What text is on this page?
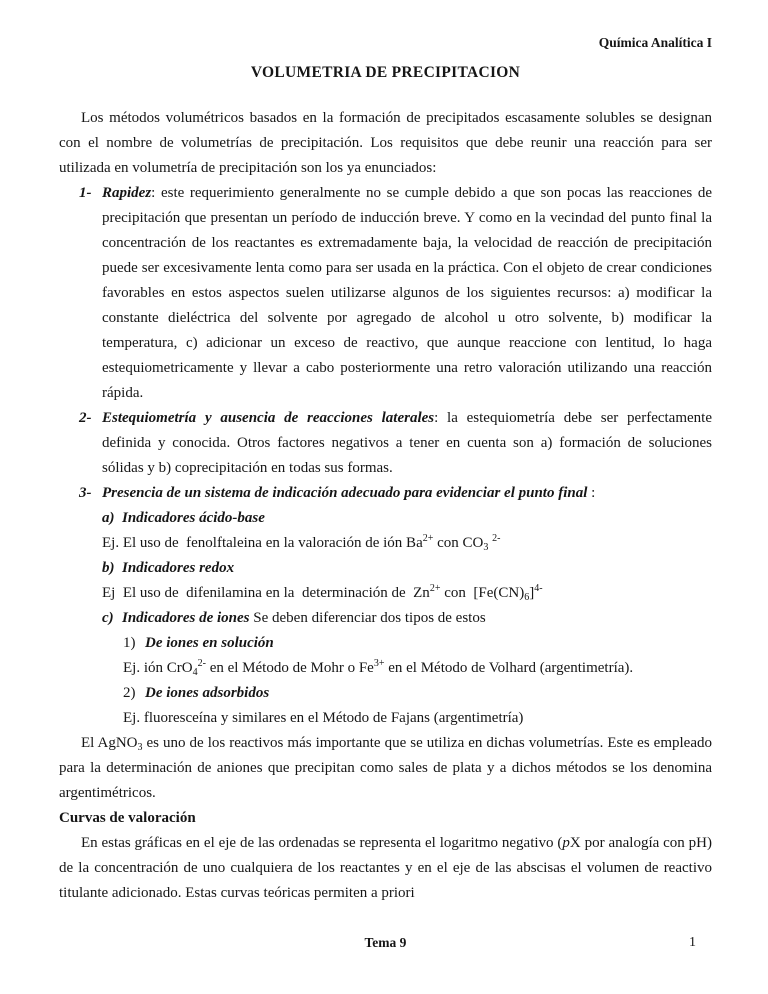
Química Analítica I
VOLUMETRIA DE PRECIPITACION
Los métodos volumétricos basados en la formación de precipitados escasamente solubles se designan con el nombre de volumetrías de precipitación. Los requisitos que debe reunir una reacción para ser utilizada en volumetría de precipitación son los ya enunciados:
1- Rapidez: este requerimiento generalmente no se cumple debido a que son pocas las reacciones de precipitación que presentan un período de inducción breve. Y como en la vecindad del punto final la concentración de los reactantes es extremadamente baja, la velocidad de reacción de precipitación puede ser excesivamente lenta como para ser usada en la práctica. Con el objeto de crear condiciones favorables en estos aspectos suelen utilizarse algunos de los siguientes recursos: a) modificar la constante dieléctrica del solvente por agregado de alcohol u otro solvente, b) modificar la temperatura, c) adicionar un exceso de reactivo, que aunque reaccione con lentitud, lo haga estequiometricamente y llevar a cabo posteriormente una retro valoración utilizando una reacción rápida.
2- Estequiometría y ausencia de reacciones laterales: la estequiometría debe ser perfectamente definida y conocida. Otros factores negativos a tener en cuenta son a) formación de soluciones sólidas y b) coprecipitación en todas sus formas.
3- Presencia de un sistema de indicación adecuado para evidenciar el punto final :
a) Indicadores ácido-base
Ej. El uso de  fenolftaleina en la valoración de ión $Ba^{2+}$ con $CO_3$ $^{2-}$
b) Indicadores redox
Ej  El uso de  difenilamina en la  determinación de  $Zn^{2+}$ con  $[Fe(CN)_6]^{4-}$
c) Indicadores de iones Se deben diferenciar dos tipos de estos
1) De iones en solución
Ej. ión CrO$_4^{2-}$ en el Método de Mohr o $Fe^{3+}$ en el Método de Volhard (argentimetría).
2) De iones adsorbidos
Ej. fluoresceína y similares en el Método de Fajans (argentimetría)
El AgNO$_3$ es uno de los reactivos más importante que se utiliza en dichas volumetrías. Este es empleado para la determinación de aniones que precipitan como sales de plata y a dichos métodos se los denomina argentimétricos.
Curvas de valoración
En estas gráficas en el eje de las ordenadas se representa el logaritmo negativo (pX por analogía con pH) de la concentración de uno cualquiera de los reactantes y en el eje de las abscisas el volumen de reactivo titulante adicionado. Estas curvas teóricas permiten a priori
Tema 9	1
